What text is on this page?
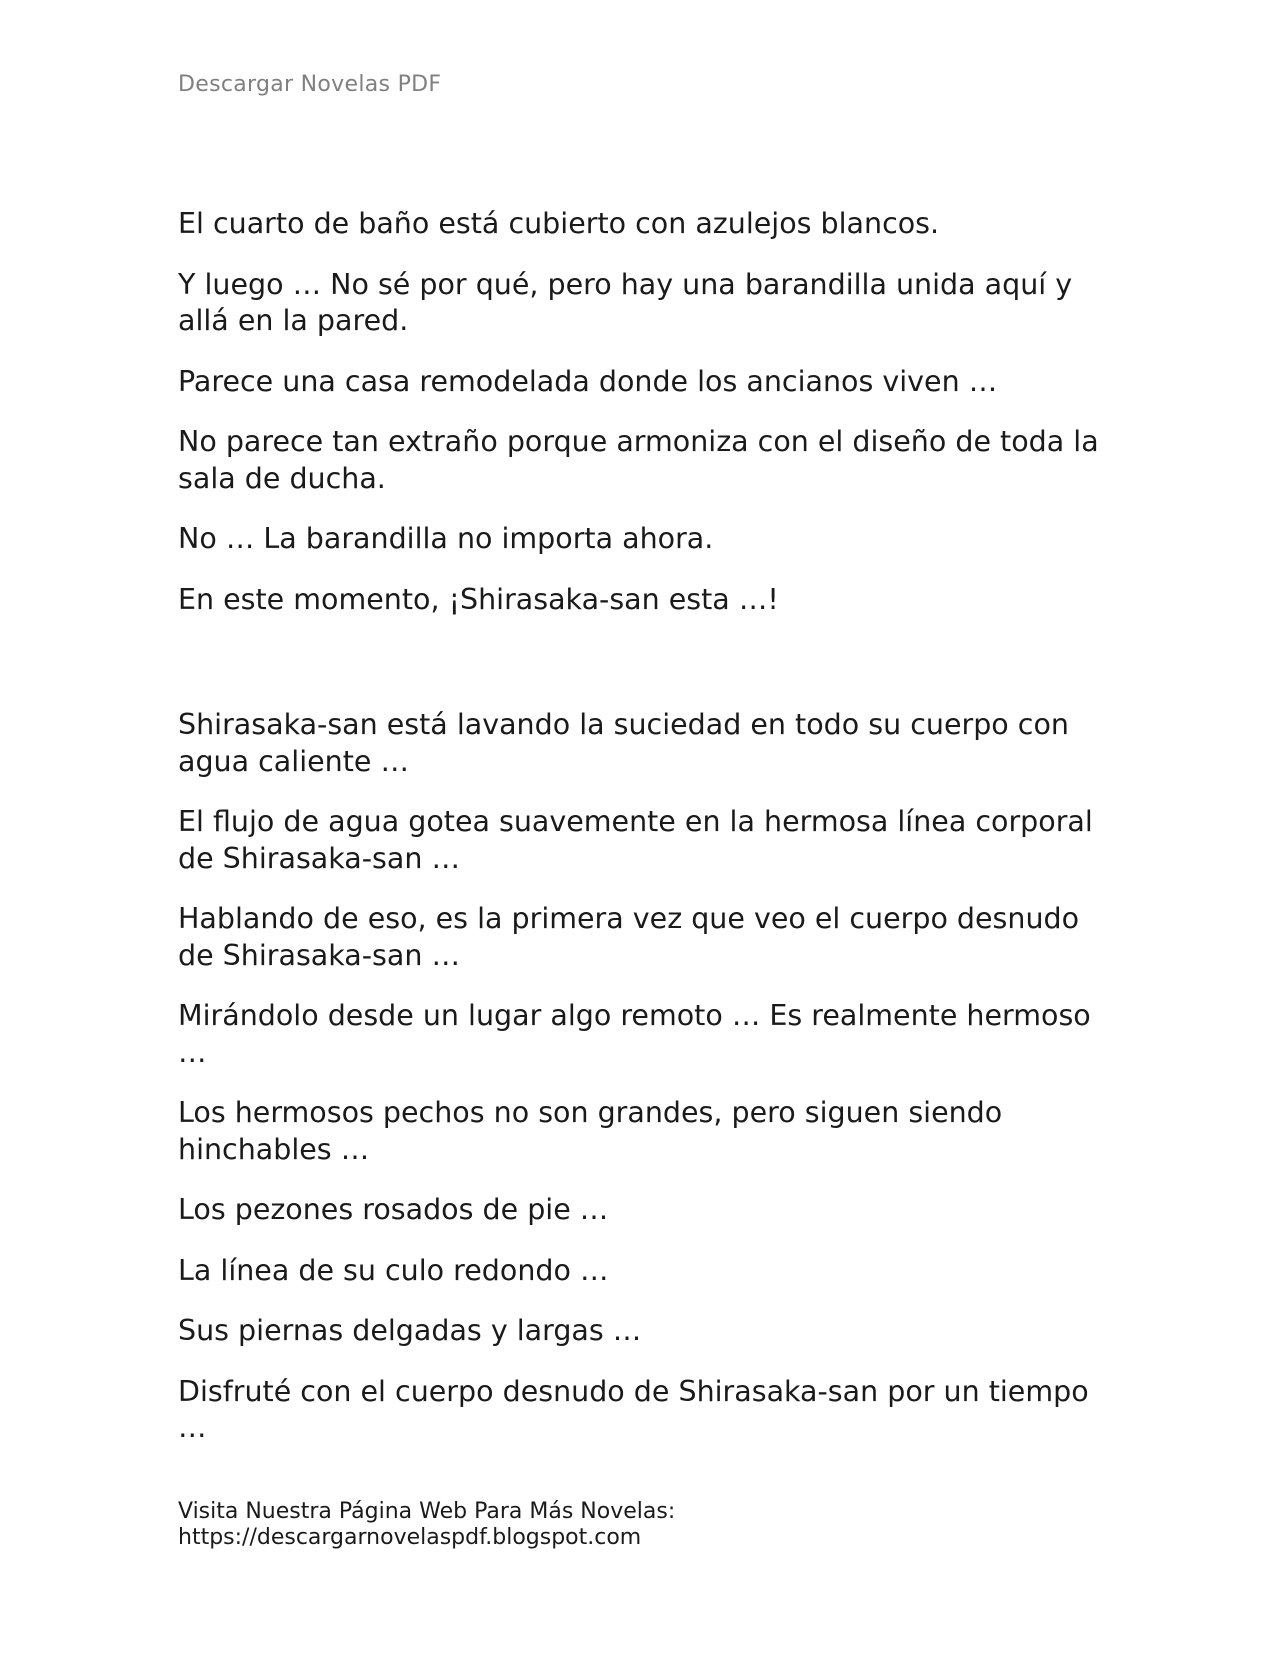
Descargar Novelas PDF

El cuarto de baño está cubierto con azulejos blancos.

Y luego … No sé por qué, pero hay una barandilla unida aquí y allá en la pared.

Parece una casa remodelada donde los ancianos viven …

No parece tan extraño porque armoniza con el diseño de toda la sala de ducha.

No … La barandilla no importa ahora.

En este momento, ¡Shirasaka-san esta …!

Shirasaka-san está lavando la suciedad en todo su cuerpo con agua caliente …

El flujo de agua gotea suavemente en la hermosa línea corporal de Shirasaka-san …

Hablando de eso, es la primera vez que veo el cuerpo desnudo de Shirasaka-san …

Mirándolo desde un lugar algo remoto … Es realmente hermoso …

Los hermosos pechos no son grandes, pero siguen siendo hinchables …

Los pezones rosados de pie …

La línea de su culo redondo …

Sus piernas delgadas y largas …

Disfruté con el cuerpo desnudo de Shirasaka-san por un tiempo …

Visita Nuestra Página Web Para Más Novelas:
https://descargarnovelaspdf.blogspot.com
